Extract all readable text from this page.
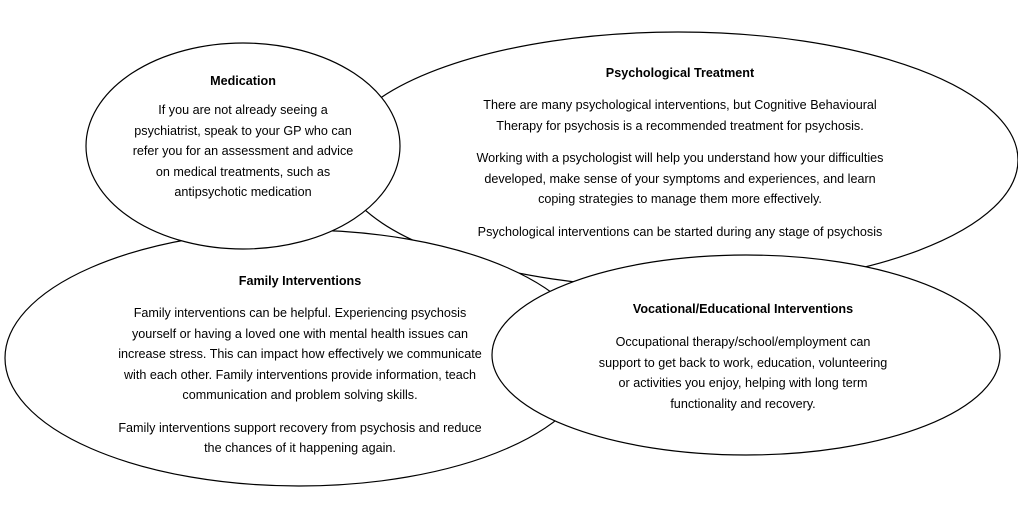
Medication

If you are not already seeing a
psychiatrist, speak to your GP who can
refer you for an assessment and advice
on medical treatments, such as
antipsychotic medication

Psychological Treatment

There are many psychological interventions, but Cognitive Behavioural
Therapy for psychosis is a recommended treatment for psychosis.

Working with a psychologist will help you understand how your difficulties
developed, make sense of your symptoms and experiences, and learn
coping strategies to manage them more effectively.

Psychological interventions can be started during any stage of psychosis

Family Interventions

Family interventions can be helpful. Experiencing psychosis
yourself or having a loved one with mental health issues can
increase stress. This can impact how effectively we communicate
with each other. Family interventions provide information, teach
communication and problem solving skills.

Family interventions support recovery from psychosis and reduce
the chances of it happening again.

Vocational/Educational Interventions

Occupational therapy/school/employment can
support to get back to work, education, volunteering
or activities you enjoy, helping with long term
functionality and recovery.
